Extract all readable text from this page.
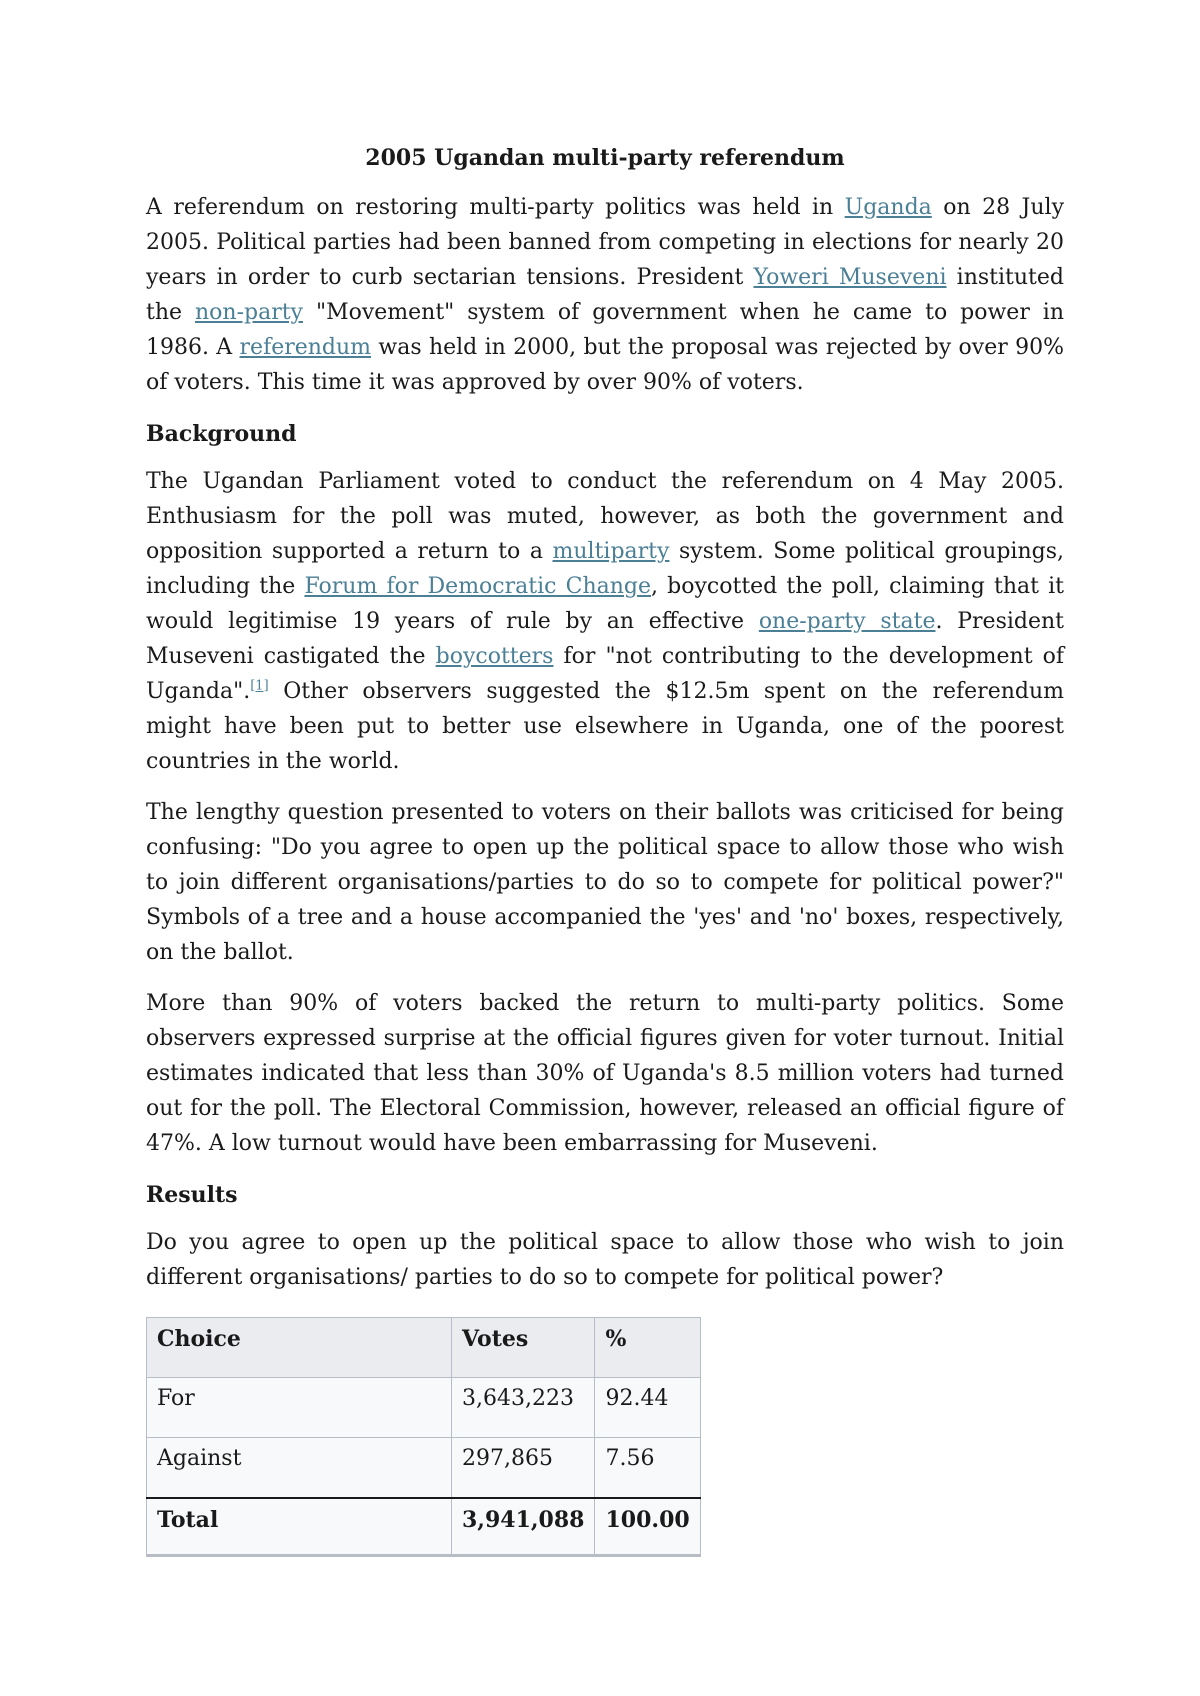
2005 Ugandan multi-party referendum

A referendum on restoring multi-party politics was held in Uganda on 28 July 2005. Political parties had been banned from competing in elections for nearly 20 years in order to curb sectarian tensions. President Yoweri Museveni instituted the non-party "Movement" system of government when he came to power in 1986. A referendum was held in 2000, but the proposal was rejected by over 90% of voters. This time it was approved by over 90% of voters.

Background

The Ugandan Parliament voted to conduct the referendum on 4 May 2005. Enthusiasm for the poll was muted, however, as both the government and opposition supported a return to a multiparty system. Some political groupings, including the Forum for Democratic Change, boycotted the poll, claiming that it would legitimise 19 years of rule by an effective one-party state. President Museveni castigated the boycotters for "not contributing to the development of Uganda".[1] Other observers suggested the $12.5m spent on the referendum might have been put to better use elsewhere in Uganda, one of the poorest countries in the world.

The lengthy question presented to voters on their ballots was criticised for being confusing: "Do you agree to open up the political space to allow those who wish to join different organisations/parties to do so to compete for political power?" Symbols of a tree and a house accompanied the 'yes' and 'no' boxes, respectively, on the ballot.

More than 90% of voters backed the return to multi-party politics. Some observers expressed surprise at the official figures given for voter turnout. Initial estimates indicated that less than 30% of Uganda's 8.5 million voters had turned out for the poll. The Electoral Commission, however, released an official figure of 47%. A low turnout would have been embarrassing for Museveni.

Results

Do you agree to open up the political space to allow those who wish to join different organisations/ parties to do so to compete for political power?

Choice	Votes	%
For	3,643,223	92.44
Against	297,865	7.56
Total	3,941,088	100.00
